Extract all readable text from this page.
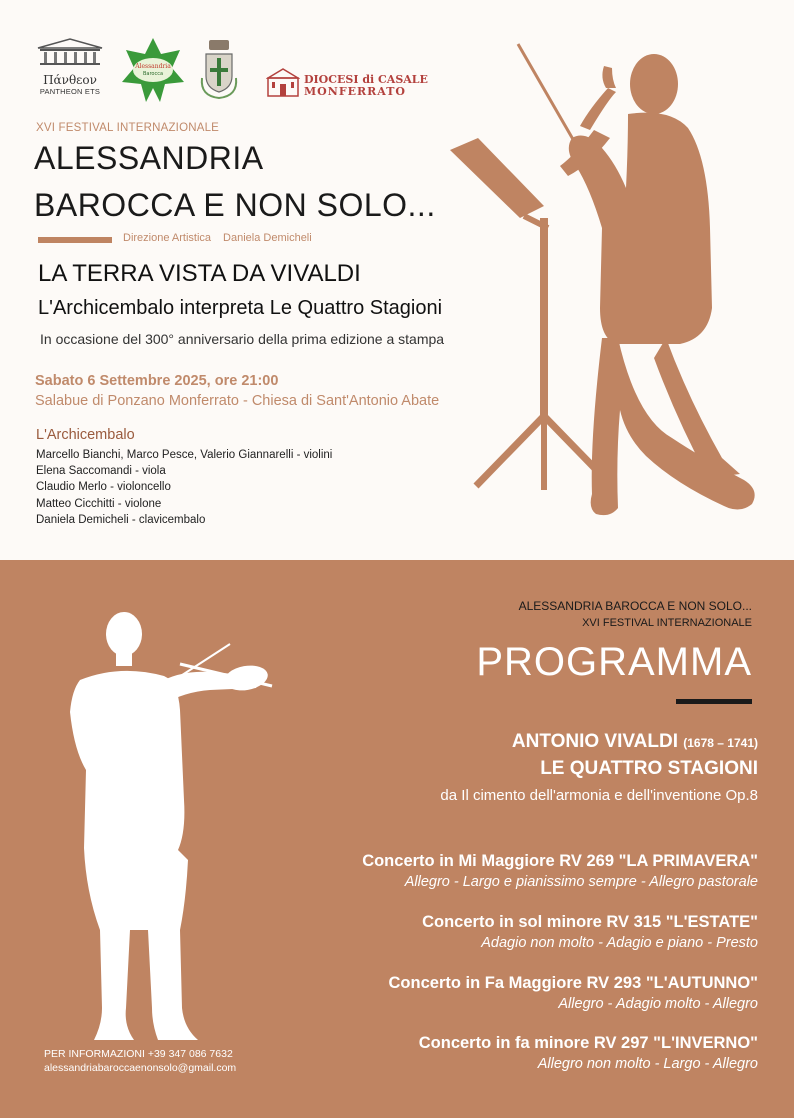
Πάνθεον
PANTHEON ETS
Alessandria
Barocca	DIOCESI di CASALE
MONFERRATO
XVI FESTIVAL INTERNAZIONALE
ALESSANDRIA
BAROCCA E NON SOLO...
Direzione Artistica Daniela Demicheli
LA TERRA VISTA DA VIVALDI
L'Archicembalo interpreta Le Quattro Stagioni
In occasione del 300° anniversario della prima edizione a stampa
Sabato 6 Settembre 2025, ore 21:00
Salabue di Ponzano Monferrato - Chiesa di Sant'Antonio Abate
L'Archicembalo
Marcello Bianchi, Marco Pesce, Valerio Giannarelli - violini
Elena Saccomandi - viola
Claudio Merlo - violoncello
Matteo Cicchitti - violone
Daniela Demicheli - clavicembalo
ALESSANDRIA BAROCCA E NON SOLO...
XVI FESTIVAL INTERNAZIONALE
PROGRAMMA
ANTONIO VIVALDI (1678 – 1741)
LE QUATTRO STAGIONI
da Il cimento dell'armonia e dell'inventione Op.8
Concerto in Mi Maggiore RV 269 "LA PRIMAVERA"
Allegro - Largo e pianissimo sempre - Allegro pastorale
Concerto in sol minore RV 315 "L'ESTATE"
Adagio non molto - Adagio e piano - Presto
Concerto in Fa Maggiore RV 293 "L'AUTUNNO"
Allegro - Adagio molto - Allegro
Concerto in fa minore RV 297 "L'INVERNO"
Allegro non molto - Largo - Allegro
PER INFORMAZIONI +39 347 086 7632
alessandriabaroccaenonsolo@gmail.com
